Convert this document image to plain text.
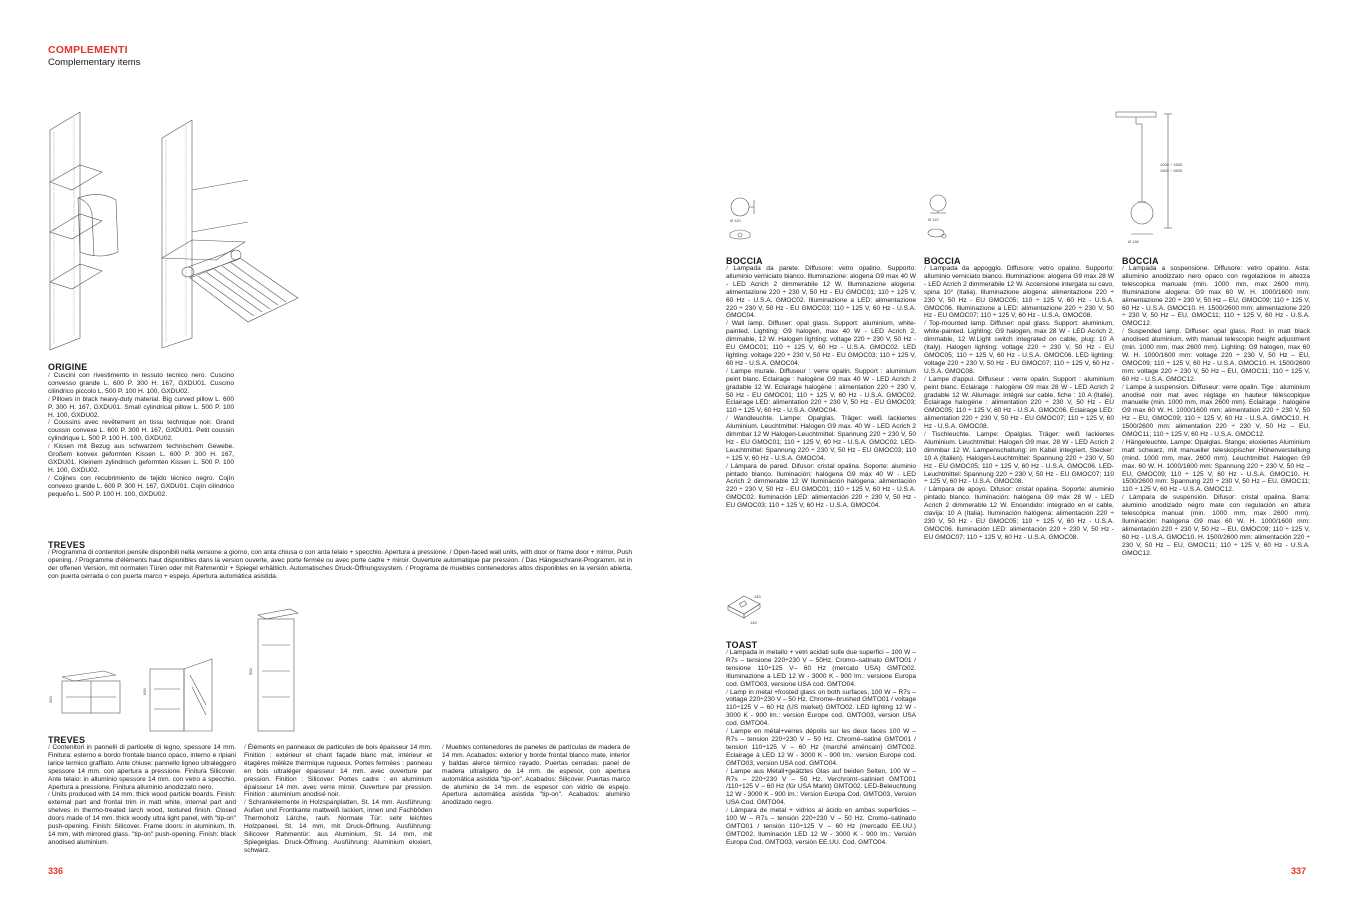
COMPLEMENTI
Complementary items
ORIGINE

/ Cuscini con rivestimento in tessuto tecnico nero. Cuscino convesso grande L. 600 P. 300 H. 167, GXDU01. Cuscino cilindrico piccolo L. 500 P. 100 H. 100, GXDU02.

/ Pillows in black heavy-duty material. Big curved pillow L. 600 P. 300 H. 167, GXDU01. Small cylindrical pillow L. 500 P. 100 H. 100, GXDU02.

/ Coussins avec revêtement en tissu technique noir. Grand coussin convexe L. 600 P. 300 H. 167, GXDU01. Petit coussin cylindrique L. 500 P. 100 H. 100, GXDU02.

/ Kissen mit Bezug aus schwarzem technischem Gewebe. Großem konvex geformten Kissen L. 600 P. 300 H. 167, GXDU01. Kleinem zylindrisch geformten Kissen L. 500 P. 100 H. 100, GXDU02.

/ Cojines con recubrimiento de tejido técnico negro. Cojín convexo grande L. 600 P. 300 H. 167, GXDU01. Cojín cilíndrico pequeño L. 500 P. 100 H. 100, GXDU02.

TREVES

/ Programma di contenitori pensile disponibili nella versione a giorno, con anta chiusa o con anta telaio + specchio. Apertura a pressione. / Open-faced wall units, with door or frame door + mirror. Push opening. / Programme d'éléments haut disponibles dans la version ouverte, avec porte fermée ou avec porte cadre + miroir. Ouverture automatique par pression. / Das Hängeschrank-Programm. ist in der offenen Version, mit normalen Türen oder mit Rahmentür + Spiegel erhältlich. Automatisches Druck-Öffnungssystem. / Programa de muebles contenedores altos disponibles en la versión abierta, con puerta cerrada o con puerta marco + espejo. Apertura automática asistida.

300
600
900
TREVES

/ Contenitori in pannelli di particelle di legno, spessore 14 mm. Finitura: esterno e bordo frontale bianco opaco, interno e ripiani larice termico graffiato. Ante chiuse: pannello ligneo ultraleggero spessore 14 mm. con apertura a pressione. Finitura Silicover. Ante telaio: in alluminio spessore 14 mm. con vetro a specchio. Apertura a pressione. Finitura alluminio anodizzato nero.

/ Units produced with 14 mm. thick wood particle boards. Finish: external part and frontal trim in matt white, internal part and shelves in thermo-treated larch wood, textured finish. Closed doors made of 14 mm. thick woody ultra light panel, with "tip-on" push-opening. Finish: Silicover. Frame doors: in aluminium, th. 14 mm, with mirrored glass. "tip-on" push-opening. Finish: black anodised aluminium.

/ Éléments en panneaux de particules de bois épaisseur 14 mm. Finition : extérieur et chant façade blanc mat, intérieur et étagères mélèze thermique rugueux. Portes fermées : panneau en bois ultraléger épaisseur 14 mm. avec ouverture par pression. Finition : Silicover. Portes cadre : en aluminium épaisseur 14 mm. avec verre miroir. Ouverture par pression. Finition : aluminium anodisé noir.

/ Schrankelemente in Holzspanplatten, St. 14 mm. Ausführung: Außen und Frontkante mattweiß lackiert, innen und Fachböden Thermoholz Lärche, rauh. Normale Tür: sehr leichtes Holzpaneel, St. 14 mm, mit Druck-Öffnung. Ausführung: Silicover Rahmentür: aus Aluminium, St. 14 mm, mit Spiegelglas. Druck-Öffnung. Ausführung: Aluminium eloxiert, schwarz.

/ Muebles contenedores de paneles de partículas de madera de 14 mm. Acabados: exterior y borde frontal blanco mate, interior y baldas alerce térmico rayado. Puertas cerradas: panel de madera ultraligero de 14 mm. de espesor, con apertura automática asistida "tip-on". Acabados: Silicover. Puertas marco de aluminio de 14 mm. de espesor con vidrio de espejo. Apertura automática asistida "tip-on". Acabados: aluminio anodizado negro.

336
Ø 110	Ø 110
1000 ÷ 1600
1500 ÷ 2600
Ø 150
BOCCIA

/ Lampada da parete. Diffusore: vetro opalino. Supporto: alluminio verniciato bianco. Illuminazione: alogena G9 max 40 W - LED Acrich 2 dimmerabile 12 W. Illuminazione alogena: alimentazione 220 ÷ 230 V, 50 Hz - EU GMOC01; 110 ÷ 125 V, 60 Hz - U.S.A. GMOC02. Illuminazione a LED: alimentazione 220 ÷ 230 V, 50 Hz - EU GMOC03; 110 ÷ 125 V, 60 Hz - U.S.A. GMOC04.

/ Wall lamp. Diffuser: opal glass. Support: aluminium, white-painted. Lighting: G9 halogen, max 40 W - LED Acrich 2, dimmable, 12 W. Halogen lighting: voltage 220 ÷ 230 V, 50 Hz - EU GMOC01; 110 ÷ 125 V, 60 Hz - U.S.A. GMOC02. LED lighting: voltage 220 ÷ 230 V, 50 Hz - EU GMOC03; 110 ÷ 125 V, 60 Hz - U.S.A. GMOC04.

/ Lampe murale. Diffuseur : verre opalin. Support : aluminium peint blanc. Eclairage : halogène G9 max 40 W - LED Acrich 2 gradable 12 W. Eclairage halogène : alimentation 220 ÷ 230 V, 50 Hz - EU GMOC01; 110 ÷ 125 V, 60 Hz - U.S.A. GMOC02. Eclairage LED: alimentation 220 ÷ 230 V, 50 Hz - EU GMOC03; 110 ÷ 125 V, 60 Hz - U.S.A. GMOC04.

/ Wandleuchte. Lampe: Opalglas. Träger: weiß lackiertes Aluminium. Leuchtmittel: Halogen G9 max. 40 W - LED Acrich 2 dimmbar 12 W Halogen-Leuchtmittel: Spannung 220 ÷ 230 V, 50 Hz - EU GMOC01; 110 ÷ 125 V, 60 Hz - U.S.A. GMOC02. LED-Leuchtmittel: Spannung 220 ÷ 230 V, 50 Hz - EU GMOC03; 110 ÷ 125 V, 60 Hz - U.S.A. GMOC04.

/ Lámpara de pared. Difusor: cristal opalina. Soporte: aluminio pintado blanco. Iluminación: halógena G9 máx 40 W - LED Acrich 2 dimmerable 12 W Iluminación halógena: alimentación 220 ÷ 230 V, 50 Hz - EU GMOC01; 110 ÷ 125 V, 60 Hz - U.S.A. GMOC02. Iluminación LED: alimentación 220 ÷ 230 V, 50 Hz - EU GMOC03; 110 ÷ 125 V, 60 Hz - U.S.A. GMOC04.

BOCCIA

/ Lampada da appoggio. Diffusore: vetro opalino. Supporto: alluminio verniciato bianco. Illuminazione: alogena G9 max 28 W - LED Acrich 2 dimmerabile 12 W. Accensione intergata su cavo, spina 10° (Italia). Illuminazione alogena: alimentazione 220 ÷ 230 V, 50 Hz - EU GMOC05; 110 ÷ 125 V, 60 Hz - U.S.A. GMOC06. Illuminazione a LED: alimentazione 220 ÷ 230 V, 50 Hz - EU GMOC07; 110 ÷ 125 V, 60 Hz - U.S.A. GMOC08.

/ Top-mounted lamp. Diffuser: opal glass. Support: aluminium, white-painted. Lighting: G9 halogen, max 28 W - LED Acrich 2, dimmable, 12 W.Light switch integrated on cable, plug: 10 A (Italy). Halogen lighting: voltage 220 ÷ 230 V, 50 Hz - EU GMOC05; 110 ÷ 125 V, 60 Hz - U.S.A. GMOC06. LED lighting: voltage 220 ÷ 230 V, 50 Hz - EU GMOC07; 110 ÷ 125 V, 60 Hz - U.S.A. GMOC08.

/ Lampe d'appui. Diffuseur : verre opalin. Support : aluminium peint blanc. Eclairage : halogène G9 max 28 W - LED Acrich 2 gradable 12 W. Allumage: intégré sur cable, fiche : 10 A (Italie). Eclairage halogène : alimentation 220 ÷ 230 V, 50 Hz - EU GMOC05; 110 ÷ 125 V, 60 Hz - U.S.A. GMOC06. Eclairage LED: alimentation 220 ÷ 230 V, 50 Hz - EU GMOC07; 110 ÷ 125 V, 60 Hz - U.S.A. GMOC08.

/ Tischleuchte. Lampe: Opalglas. Träger: weiß lackiertes Aluminium. Leuchtmittel: Halogen G9 max. 28 W - LED Acrich 2 dimmbar 12 W. Lampenschaltung: im Kabel integriert, Stecker: 10 A (Italien). Halogen-Leuchtmittel: Spannung 220 ÷ 230 V, 50 Hz - EU GMOC05; 110 ÷ 125 V, 60 Hz - U.S.A. GMOC06. LED-Leuchtmittel: Spannung 220 ÷ 230 V, 50 Hz - EU GMOC07; 110 ÷ 125 V, 60 Hz - U.S.A. GMOC08.

/ Lámpara de apoyo. Difusor: cristal opalina. Soporte: aluminio pintado blanco. Iluminación: halógena G9 máx 28 W - LED Acrich 2 dimmerable 12 W. Encendido: integrado en el cable, clavija: 10 A (Italia). Iluminación halógena: alimentación 220 ÷ 230 V, 50 Hz - EU GMOC05; 110 ÷ 125 V, 60 Hz - U.S.A. GMOC06. Iluminación LED: alimentación 220 ÷ 230 V, 50 Hz - EU GMOC07; 110 ÷ 125 V, 60 Hz - U.S.A. GMOC08.

BOCCIA

/ Lampada a sospensione. Diffusore: vetro opalino. Asta: alluminio anodizzato nero opaco con regolazione in altezza telescopica manuale (min. 1000 mm, max 2600 mm). Illuminazione alogena: G9 max 60 W. H. 1000/1600 mm: alimentazione 220 ÷ 230 V, 50 Hz – EU, GMOC09; 110 ÷ 125 V, 60 Hz - U.S.A. GMOC10. H. 1500/2600 mm: alimentazione 220 ÷ 230 V, 50 Hz – EU, GMOC11; 110 ÷ 125 V, 60 Hz - U.S.A. GMOC12.

/ Suspended lamp. Diffuser: opal glass. Rod: in matt black anodised aluminium, with manual telescopic height adjustment (min. 1000 mm, max 2600 mm). Lighting: G9 halogen, max 60 W. H. 1000/1600 mm: voltage 220 ÷ 230 V, 50 Hz – EU, GMOC09; 110 ÷ 125 V, 60 Hz - U.S.A. GMOC10. H. 1500/2600 mm: voltage 220 ÷ 230 V, 50 Hz – EU, GMOC11; 110 ÷ 125 V, 60 Hz - U.S.A. GMOC12.

/ Lampe à suspension. Diffuseur: verre opalin. Tige : aluminium anodisé noir mat avec réglage en hauteur télescopique manuelle (min. 1000 mm, max 2600 mm). Eclairage : halogène G9 max 60 W. H. 1000/1600 mm: alimentation 220 ÷ 230 V, 50 Hz – EU, GMOC09; 110 ÷ 125 V, 60 Hz - U.S.A. GMOC10. H. 1500/2600 mm: alimentation 220 ÷ 230 V, 50 Hz – EU, GMOC11; 110 ÷ 125 V, 60 Hz - U.S.A. GMOC12.

/ Hängeleuchte. Lampe: Opalglas. Stange: eloxiertes Aluminium matt schwarz, mit manueller teleskopischer Höhenverstellung (mind. 1000 mm, max. 2600 mm). Leuchtmittel: Halogen G9 max. 60 W. H. 1000/1600 mm: Spannung 220 ÷ 230 V, 50 Hz – EU, GMOC09; 110 ÷ 125 V, 60 Hz - U.S.A. GMOC10. H. 1500/2600 mm: Spannung 220 ÷ 230 V, 50 Hz – EU, GMOC11; 110 ÷ 125 V, 60 Hz - U.S.A. GMOC12.

/ Lámpara de suspensión. Difusor: cristal opalina. Barra: aluminio anodizado negro mate con regulación en altura telescópica manual (min. 1000 mm, max 2600 mm). Iluminación: halógena G9 max 60 W. H. 1000/1600 mm: alimentación 220 ÷ 230 V, 50 Hz – EU, GMOC09; 110 ÷ 125 V, 60 Hz - U.S.A. GMOC10. H. 1500/2600 mm: alimentación 220 ÷ 230 V, 50 Hz – EU, GMOC11; 110 ÷ 125 V, 60 Hz - U.S.A. GMOC12.

145
145
TOAST

/ Lampada in metallo + vetri acidati sulle due superfici – 100 W – R7s – tensione 220÷230 V – 50Hz. Cromo–satinato GMTO01 / tensione 110÷125 V– 60 Hz (mercato USA) GMTO02. Illuminazione a LED 12 W - 3000 K - 900 lm.: versione Europa cod. GMTO03, versione USA cod. GMTO04.

/ Lamp in metal +frosted glass on both surfaces, 100 W – R7s – voltage 220÷230 V – 50 Hz. Chrome–brushed GMTO01 / voltage 110÷125 V – 60 Hz (US market) GMTO02. LED lighting 12 W - 3000 K - 900 lm.: version Europe cod. GMTO03, version USA cod. GMTO04.

/ Lampe en métal+verres dépolis sur les deux faces 100 W – R7s – tension 220÷230 V – 50 Hz. Chromé–satiné GMTO01 / tension 110÷125 V – 60 Hz (marché américain) GMTO02. Eclairage à LED 12 W - 3000 K - 900 lm.: version Europe cod. GMTO03, version USA cod. GMTO04.

/ Lampe aus Metall+geätztes Glas auf beiden Seiten, 100 W – R7s – 220÷230 V – 50 Hz. Verchromt–satiniert GMTO01 /110÷125 V – 60 Hz (für USA Markt) GMTO02. LED-Beleuchtung 12 W - 3000 K - 900 lm.: Version Europa Cod. GMTO03, Version USA Cod. GMTO04.

/ Lámpara de metal + vidrios al ácido en ambas superficies – 100 W – R7s – tensión 220÷230 V – 50 Hz. Cromo–satinado GMTO01 / tensión 110÷125 V – 60 Hz (mercado EE.UU.) GMTO02. Iluminación LED 12 W - 3000 K - 900 lm.: Versión Europa Cod. GMTO03, versión EE.UU. Cod. GMTO04.

337
